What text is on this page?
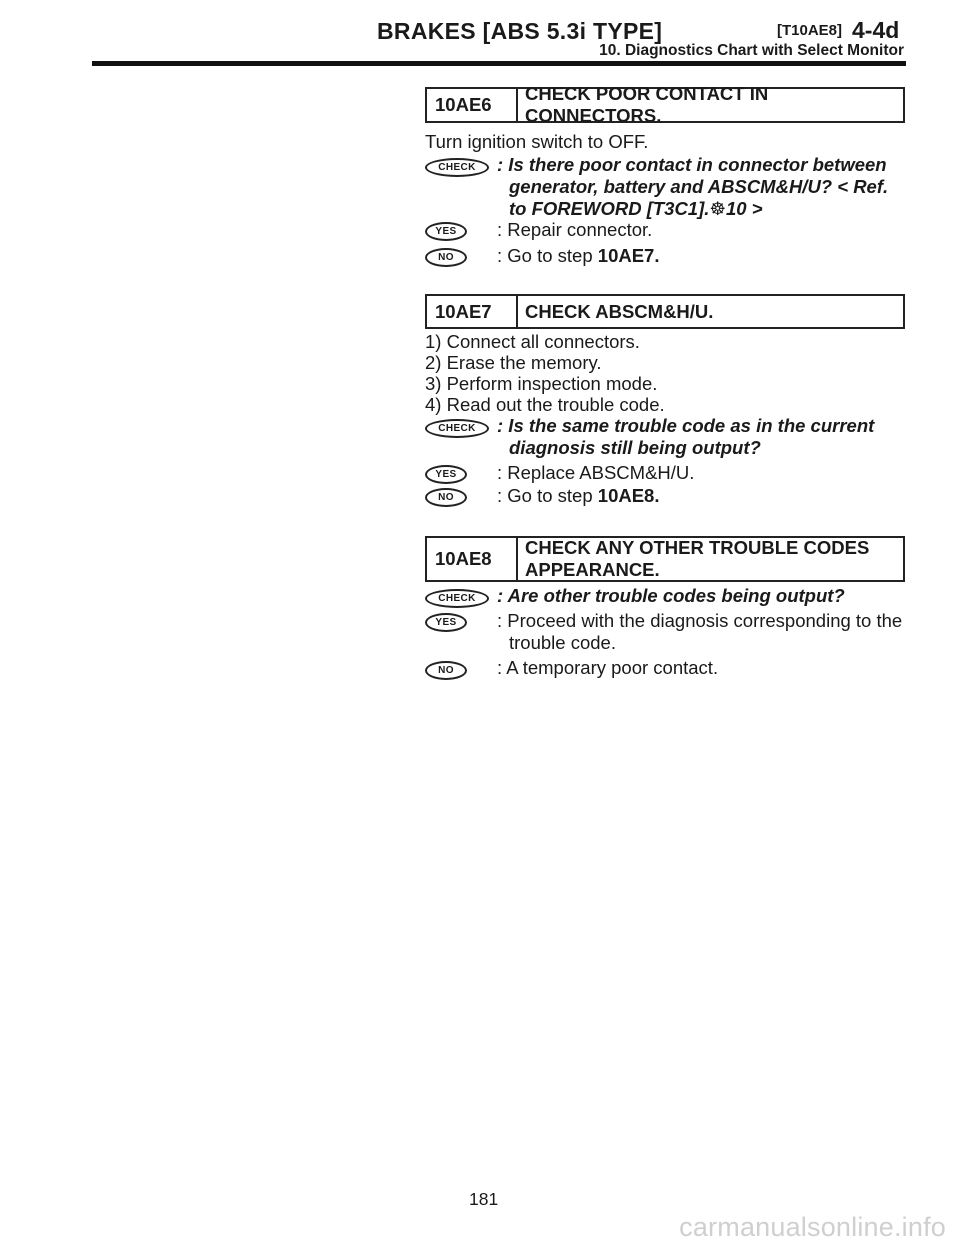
BRAKES [ABS 5.3i TYPE]	[T10AE8] 4-4d
10. Diagnostics Chart with Select Monitor
10AE6
CHECK POOR CONTACT IN CONNECTORS.
Turn ignition switch to OFF.
CHECK : Is there poor contact in connector between
generator, battery and ABSCM&H/U? < Ref.
to FOREWORD [T3C1].☸10 >
YES : Repair connector.
NO : Go to step 10AE7.
10AE7	CHECK ABSCM&H/U.
1) Connect all connectors.
2) Erase the memory.
3) Perform inspection mode.
4) Read out the trouble code.
CHECK : Is the same trouble code as in the current
diagnosis still being output?
YES : Replace ABSCM&H/U.
NO : Go to step 10AE8.
10AE8
CHECK ANY OTHER TROUBLE CODES
APPEARANCE.
CHECK : Are other trouble codes being output?
YES : Proceed with the diagnosis corresponding to the
trouble code.
NO : A temporary poor contact.
181
carmanualsonline.info
